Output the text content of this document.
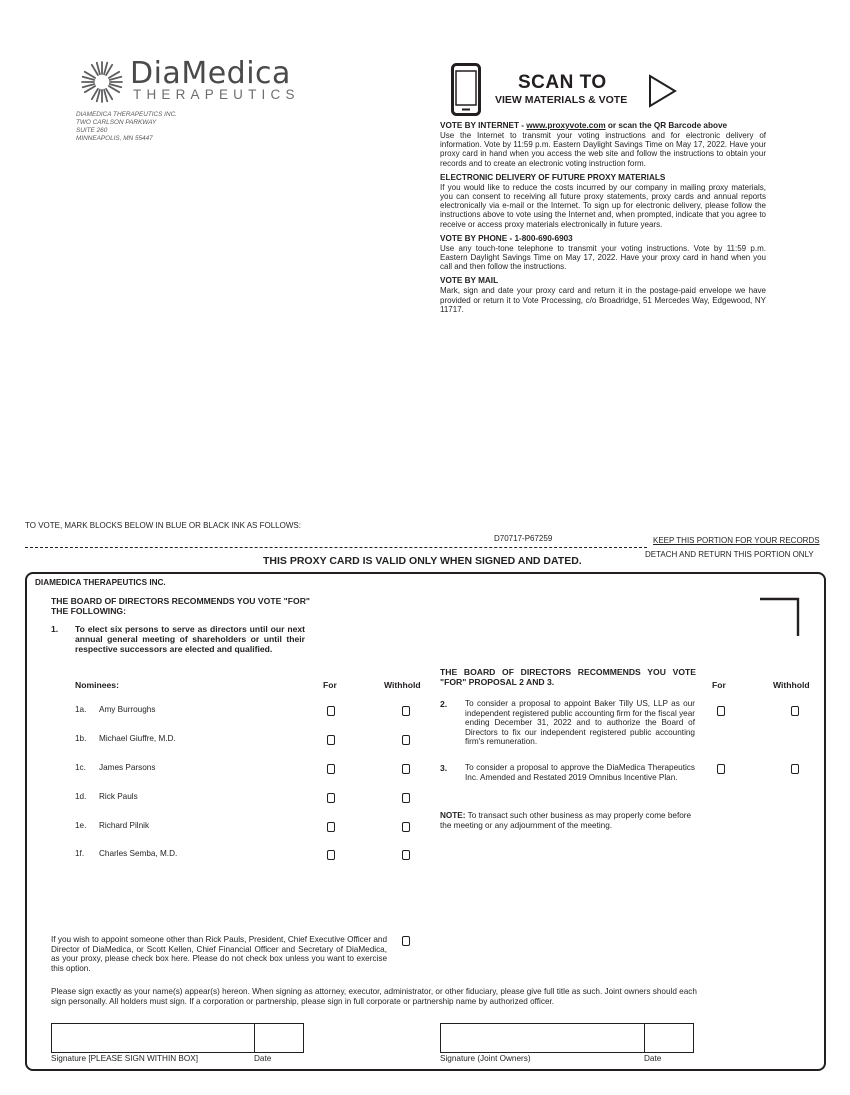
DiaMedica
THERAPEUTICS
DIAMEDICA THERAPEUTICS INC.
TWO CARLSON PARKWAY
SUITE 260
MINNEAPOLIS, MN 55447
SCAN TO
VIEW MATERIALS & VOTE
VOTE BY INTERNET - www.proxyvote.com or scan the QR Barcode above
Use the Internet to transmit your voting instructions and for electronic delivery of information. Vote by 11:59 p.m. Eastern Daylight Savings Time on May 17, 2022. Have your proxy card in hand when you access the web site and follow the instructions to obtain your records and to create an electronic voting instruction form.
ELECTRONIC DELIVERY OF FUTURE PROXY MATERIALS
If you would like to reduce the costs incurred by our company in mailing proxy materials, you can consent to receiving all future proxy statements, proxy cards and annual reports electronically via e-mail or the Internet. To sign up for electronic delivery, please follow the instructions above to vote using the Internet and, when prompted, indicate that you agree to receive or access proxy materials electronically in future years.
VOTE BY PHONE - 1-800-690-6903
Use any touch-tone telephone to transmit your voting instructions. Vote by 11:59 p.m. Eastern Daylight Savings Time on May 17, 2022. Have your proxy card in hand when you call and then follow the instructions.
VOTE BY MAIL
Mark, sign and date your proxy card and return it in the postage-paid envelope we have provided or return it to Vote Processing, c/o Broadridge, 51 Mercedes Way, Edgewood, NY 11717.
TO VOTE, MARK BLOCKS BELOW IN BLUE OR BLACK INK AS FOLLOWS:
D70717-P67259	KEEP THIS PORTION FOR YOUR RECORDS
DETACH AND RETURN THIS PORTION ONLY
THIS PROXY CARD IS VALID ONLY WHEN SIGNED AND DATED.
DIAMEDICA THERAPEUTICS INC.
THE BOARD OF DIRECTORS RECOMMENDS YOU VOTE "FOR" THE FOLLOWING:
1. To elect six persons to serve as directors until our next annual general meeting of shareholders or until their respective successors are elected and qualified.
Nominees:	For	Withhold
1a. Amy Burroughs
1b. Michael Giuffre, M.D.
1c. James Parsons
1d. Rick Pauls
1e. Richard Pilnik
1f. Charles Semba, M.D.
THE BOARD OF DIRECTORS RECOMMENDS YOU VOTE "FOR" PROPOSAL 2 AND 3.	For	Withhold
2. To consider a proposal to appoint Baker Tilly US, LLP as our independent registered public accounting firm for the fiscal year ending December 31, 2022 and to authorize the Board of Directors to fix our independent registered public accounting firm's remuneration.
3. To consider a proposal to approve the DiaMedica Therapeutics Inc. Amended and Restated 2019 Omnibus Incentive Plan.
NOTE: To transact such other business as may properly come before the meeting or any adjournment of the meeting.
If you wish to appoint someone other than Rick Pauls, President, Chief Executive Officer and Director of DiaMedica, or Scott Kellen, Chief Financial Officer and Secretary of DiaMedica, as your proxy, please check box here. Please do not check box unless you want to exercise this option.
Please sign exactly as your name(s) appear(s) hereon. When signing as attorney, executor, administrator, or other fiduciary, please give full title as such. Joint owners should each sign personally. All holders must sign. If a corporation or partnership, please sign in full corporate or partnership name by authorized officer.
Signature [PLEASE SIGN WITHIN BOX]	Date	Signature (Joint Owners)	Date
